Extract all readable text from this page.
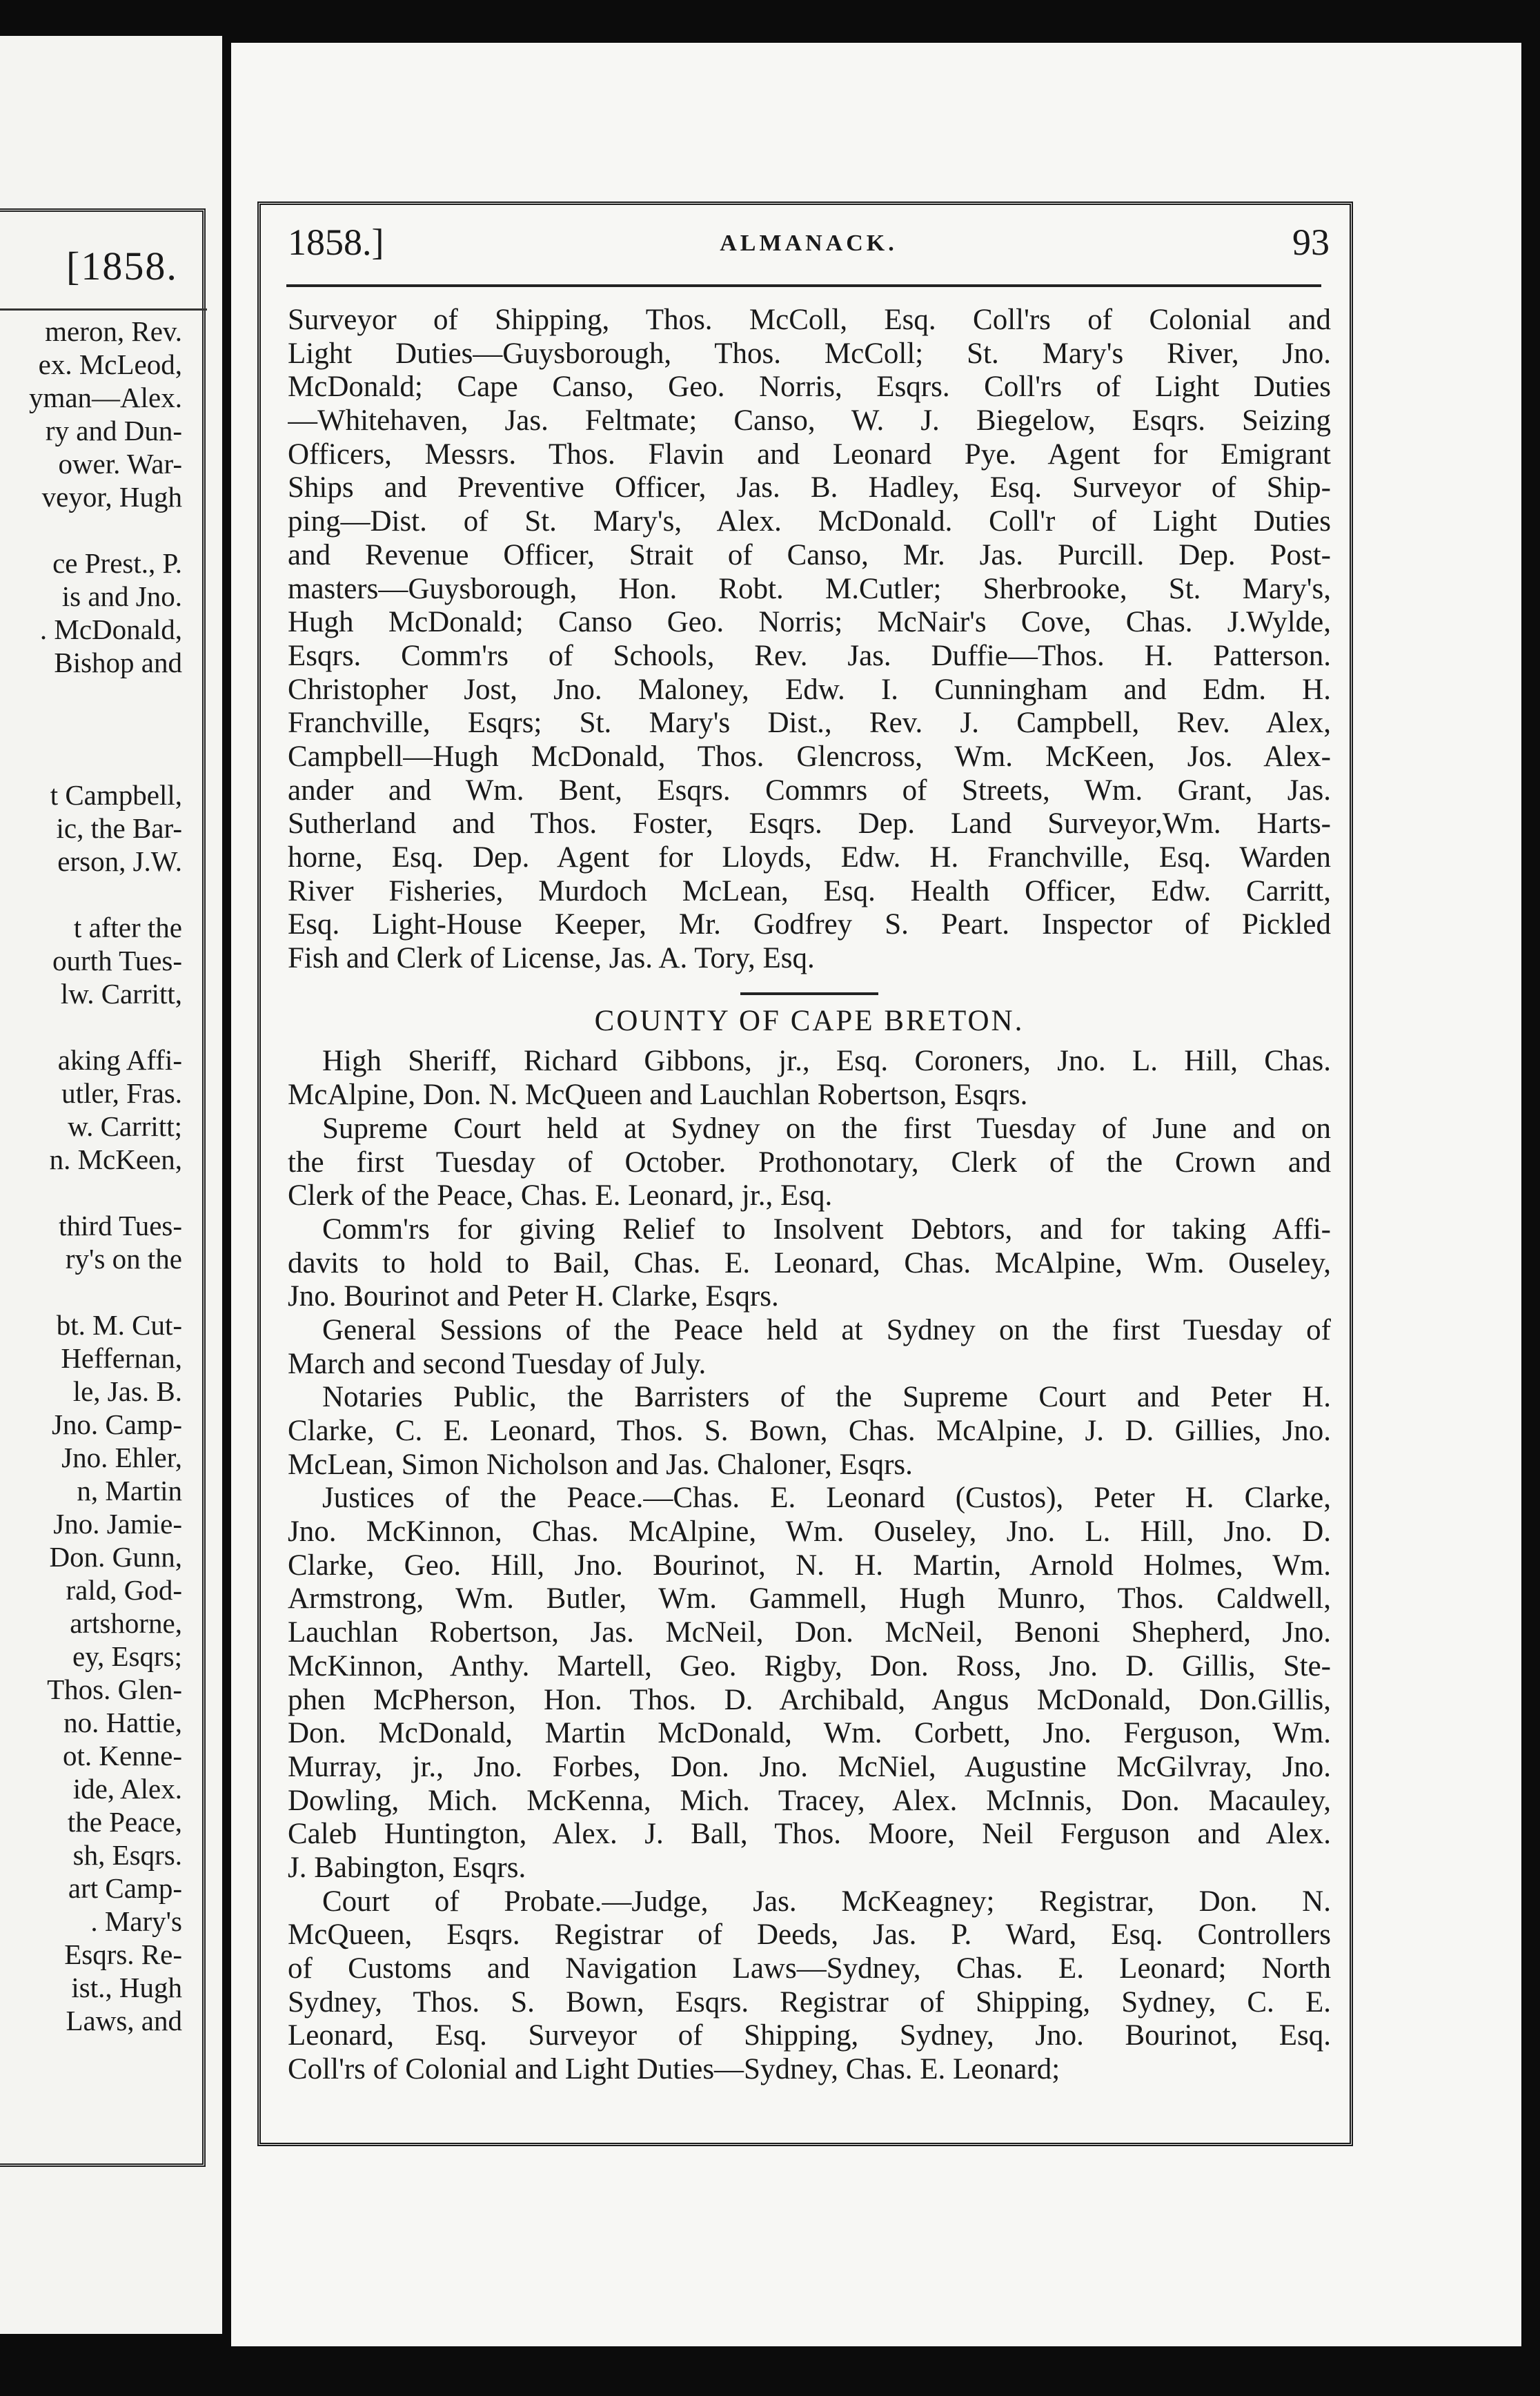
[1858.
meron, Rev.
ex. McLeod,
yman—Alex.
ry and Dun-
ower. War-
veyor, Hugh
ce Prest., P.
is and Jno.
. McDonald,
Bishop and
t Campbell,
ic, the Bar-
erson, J.W.
t after the
ourth Tues-
lw. Carritt,
aking Affi-
utler, Fras.
w. Carritt;
n. McKeen,
third Tues-
ry's on the
bt. M. Cut-
Heffernan,
le, Jas. B.
Jno. Camp-
Jno. Ehler,
n, Martin
Jno. Jamie-
Don. Gunn,
rald, God-
artshorne,
ey, Esqrs;
Thos. Glen-
no. Hattie,
ot. Kenne-
ide, Alex.
the Peace,
sh, Esqrs.
art Camp-
. Mary's
Esqrs. Re-
ist., Hugh
Laws, and
1858.]	ALMANACK.	93
Surveyor of Shipping, Thos. McColl, Esq. Coll'rs of Colonial and
Light Duties—Guysborough, Thos. McColl; St. Mary's River, Jno.
McDonald; Cape Canso, Geo. Norris, Esqrs. Coll'rs of Light Duties
—Whitehaven, Jas. Feltmate; Canso, W. J. Biegelow, Esqrs. Seizing
Officers, Messrs. Thos. Flavin and Leonard Pye. Agent for Emigrant
Ships and Preventive Officer, Jas. B. Hadley, Esq. Surveyor of Ship-
ping—Dist. of St. Mary's, Alex. McDonald. Coll'r of Light Duties
and Revenue Officer, Strait of Canso, Mr. Jas. Purcill. Dep. Post-
masters—Guysborough, Hon. Robt. M.Cutler; Sherbrooke, St. Mary's,
Hugh McDonald; Canso Geo. Norris; McNair's Cove, Chas. J.Wylde,
Esqrs. Comm'rs of Schools, Rev. Jas. Duffie—Thos. H. Patterson.
Christopher Jost, Jno. Maloney, Edw. I. Cunningham and Edm. H.
Franchville, Esqrs; St. Mary's Dist., Rev. J. Campbell, Rev. Alex,
Campbell—Hugh McDonald, Thos. Glencross, Wm. McKeen, Jos. Alex-
ander and Wm. Bent, Esqrs. Commrs of Streets, Wm. Grant, Jas.
Sutherland and Thos. Foster, Esqrs. Dep. Land Surveyor,Wm. Harts-
horne, Esq. Dep. Agent for Lloyds, Edw. H. Franchville, Esq. Warden
River Fisheries, Murdoch McLean, Esq. Health Officer, Edw. Carritt,
Esq. Light-House Keeper, Mr. Godfrey S. Peart. Inspector of Pickled
Fish and Clerk of License, Jas. A. Tory, Esq.
COUNTY OF CAPE BRETON.
High Sheriff, Richard Gibbons, jr., Esq. Coroners, Jno. L. Hill, Chas.
McAlpine, Don. N. McQueen and Lauchlan Robertson, Esqrs.
Supreme Court held at Sydney on the first Tuesday of June and on
the first Tuesday of October. Prothonotary, Clerk of the Crown and
Clerk of the Peace, Chas. E. Leonard, jr., Esq.
Comm'rs for giving Relief to Insolvent Debtors, and for taking Affi-
davits to hold to Bail, Chas. E. Leonard, Chas. McAlpine, Wm. Ouseley,
Jno. Bourinot and Peter H. Clarke, Esqrs.
General Sessions of the Peace held at Sydney on the first Tuesday of
March and second Tuesday of July.
Notaries Public, the Barristers of the Supreme Court and Peter H.
Clarke, C. E. Leonard, Thos. S. Bown, Chas. McAlpine, J. D. Gillies, Jno.
McLean, Simon Nicholson and Jas. Chaloner, Esqrs.
Justices of the Peace.—Chas. E. Leonard (Custos), Peter H. Clarke,
Jno. McKinnon, Chas. McAlpine, Wm. Ouseley, Jno. L. Hill, Jno. D.
Clarke, Geo. Hill, Jno. Bourinot, N. H. Martin, Arnold Holmes, Wm.
Armstrong, Wm. Butler, Wm. Gammell, Hugh Munro, Thos. Caldwell,
Lauchlan Robertson, Jas. McNeil, Don. McNeil, Benoni Shepherd, Jno.
McKinnon, Anthy. Martell, Geo. Rigby, Don. Ross, Jno. D. Gillis, Ste-
phen McPherson, Hon. Thos. D. Archibald, Angus McDonald, Don.Gillis,
Don. McDonald, Martin McDonald, Wm. Corbett, Jno. Ferguson, Wm.
Murray, jr., Jno. Forbes, Don. Jno. McNiel, Augustine McGilvray, Jno.
Dowling, Mich. McKenna, Mich. Tracey, Alex. McInnis, Don. Macauley,
Caleb Huntington, Alex. J. Ball, Thos. Moore, Neil Ferguson and Alex.
J. Babington, Esqrs.
Court of Probate.—Judge, Jas. McKeagney; Registrar, Don. N.
McQueen, Esqrs. Registrar of Deeds, Jas. P. Ward, Esq. Controllers
of Customs and Navigation Laws—Sydney, Chas. E. Leonard; North
Sydney, Thos. S. Bown, Esqrs. Registrar of Shipping, Sydney, C. E.
Leonard, Esq. Surveyor of Shipping, Sydney, Jno. Bourinot, Esq.
Coll'rs of Colonial and Light Duties—Sydney, Chas. E. Leonard;
